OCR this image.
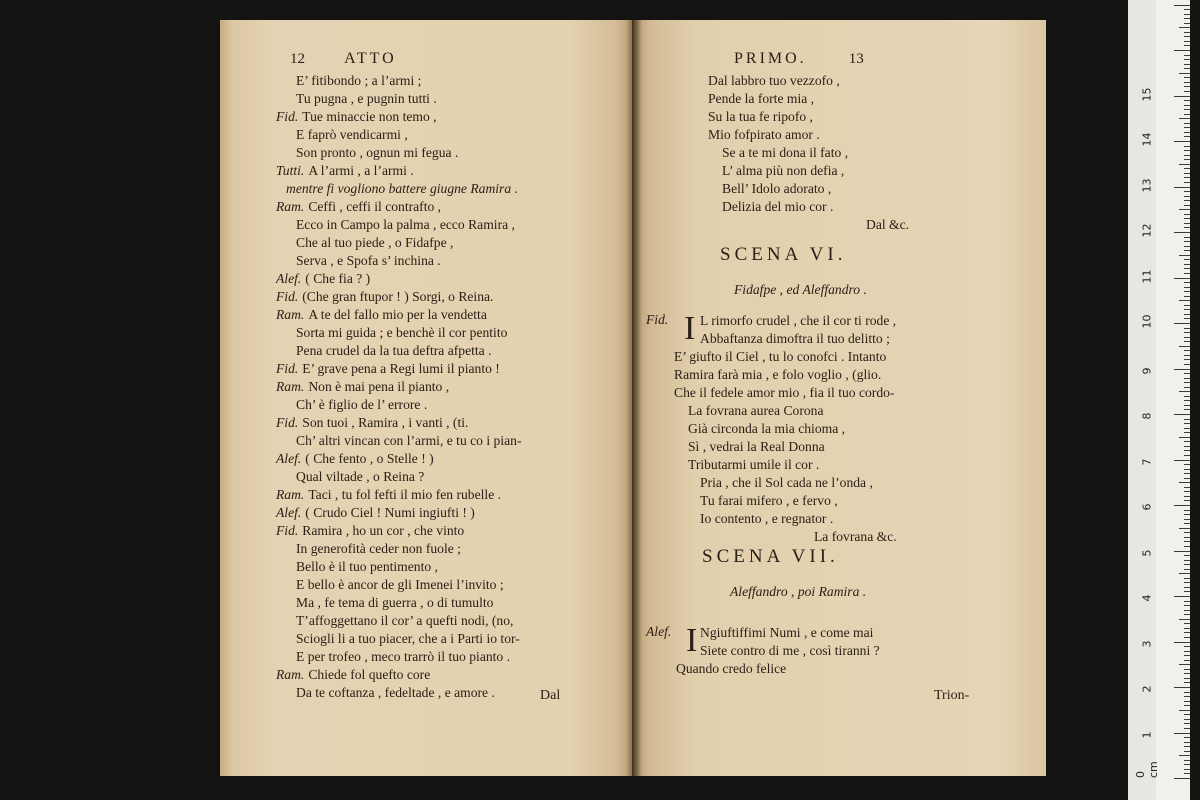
12 ATTO
E’ fitibondo ; a l’armi ;
Tu pugna , e pugnin tutti .
Fid. Tue minaccie non temo ,
E faprò vendicarmi ,
Son pronto , ognun mi fegua .
Tutti. A l’armi , a l’armi .
mentre fi vogliono battere giugne Ramira .
Ram. Ceffi , ceffi il contrafto ,
Ecco in Campo la palma , ecco Ramira ,
Che al tuo piede , o Fidafpe ,
Serva , e Spofa s’ inchina .
Alef. ( Che fia ? )
Fid. (Che gran ftupor ! ) Sorgi, o Reina.
Ram. A te del fallo mio per la vendetta
Sorta mi guida ; e benchè il cor pentito
Pena crudel da la tua deftra afpetta .
Fid. E’ grave pena a Regi lumi il pianto !
Ram. Non è mai pena il pianto ,
Ch’ è figlio de l’ errore .
Fid. Son tuoi , Ramira , i vanti , (ti.
Ch’ altri vincan con l’armi, e tu co i pian-
Alef. ( Che fento , o Stelle ! )
Qual viltade , o Reina ?
Ram. Taci , tu fol fefti il mio fen rubelle .
Alef. ( Crudo Ciel ! Numi ingiufti ! )
Fid. Ramira , ho un cor , che vinto
In generofità ceder non fuole ;
Bello è il tuo pentimento ,
E bello è ancor de gli Imenei l’invito ;
Ma , fe tema di guerra , o di tumulto
T’affoggettano il cor’ a quefti nodi, (no,
Sciogli li a tuo piacer, che a i Parti io tor-
E per trofeo , meco trarrò il tuo pianto .
Ram. Chiede fol quefto core
Da te coftanza , fedeltade , e amore .	Dal
PRIMO.	13
Dal labbro tuo vezzofo ,
Pende la forte mia ,
Su la tua fe ripofo ,
Mio fofpirato amor .
Se a te mi dona il fato ,
L’ alma più non defia ,
Bell’ Idolo adorato ,
Delizia del mio cor .
Dal &c.
SCENA VI.
Fidafpe , ed Aleffandro .
Fid. I L rimorfo crudel , che il cor ti rode ,
Abbaftanza dimoftra il tuo delitto ;
E’ giufto il Ciel , tu lo conofci . Intanto
Ramira farà mia , e folo voglio , (glio.
Che il fedele amor mio , fia il tuo cordo-
La fovrana aurea Corona
Già circonda la mia chioma ,
Sì , vedrai la Real Donna
Tributarmi umile il cor .
Pria , che il Sol cada ne l’onda ,
Tu farai mifero , e fervo ,
Io contento , e regnator .
La fovrana &c.
SCENA VII.
Aleffandro , poi Ramira .
Alef. I Ngiuftiffimi Numi , e come mai
Siete contro di me , così tiranni ?
Quando credo felice
Trion-
0 cm
1
2
3
4
5
6
7
8
9
10
11
12
13
14
15
